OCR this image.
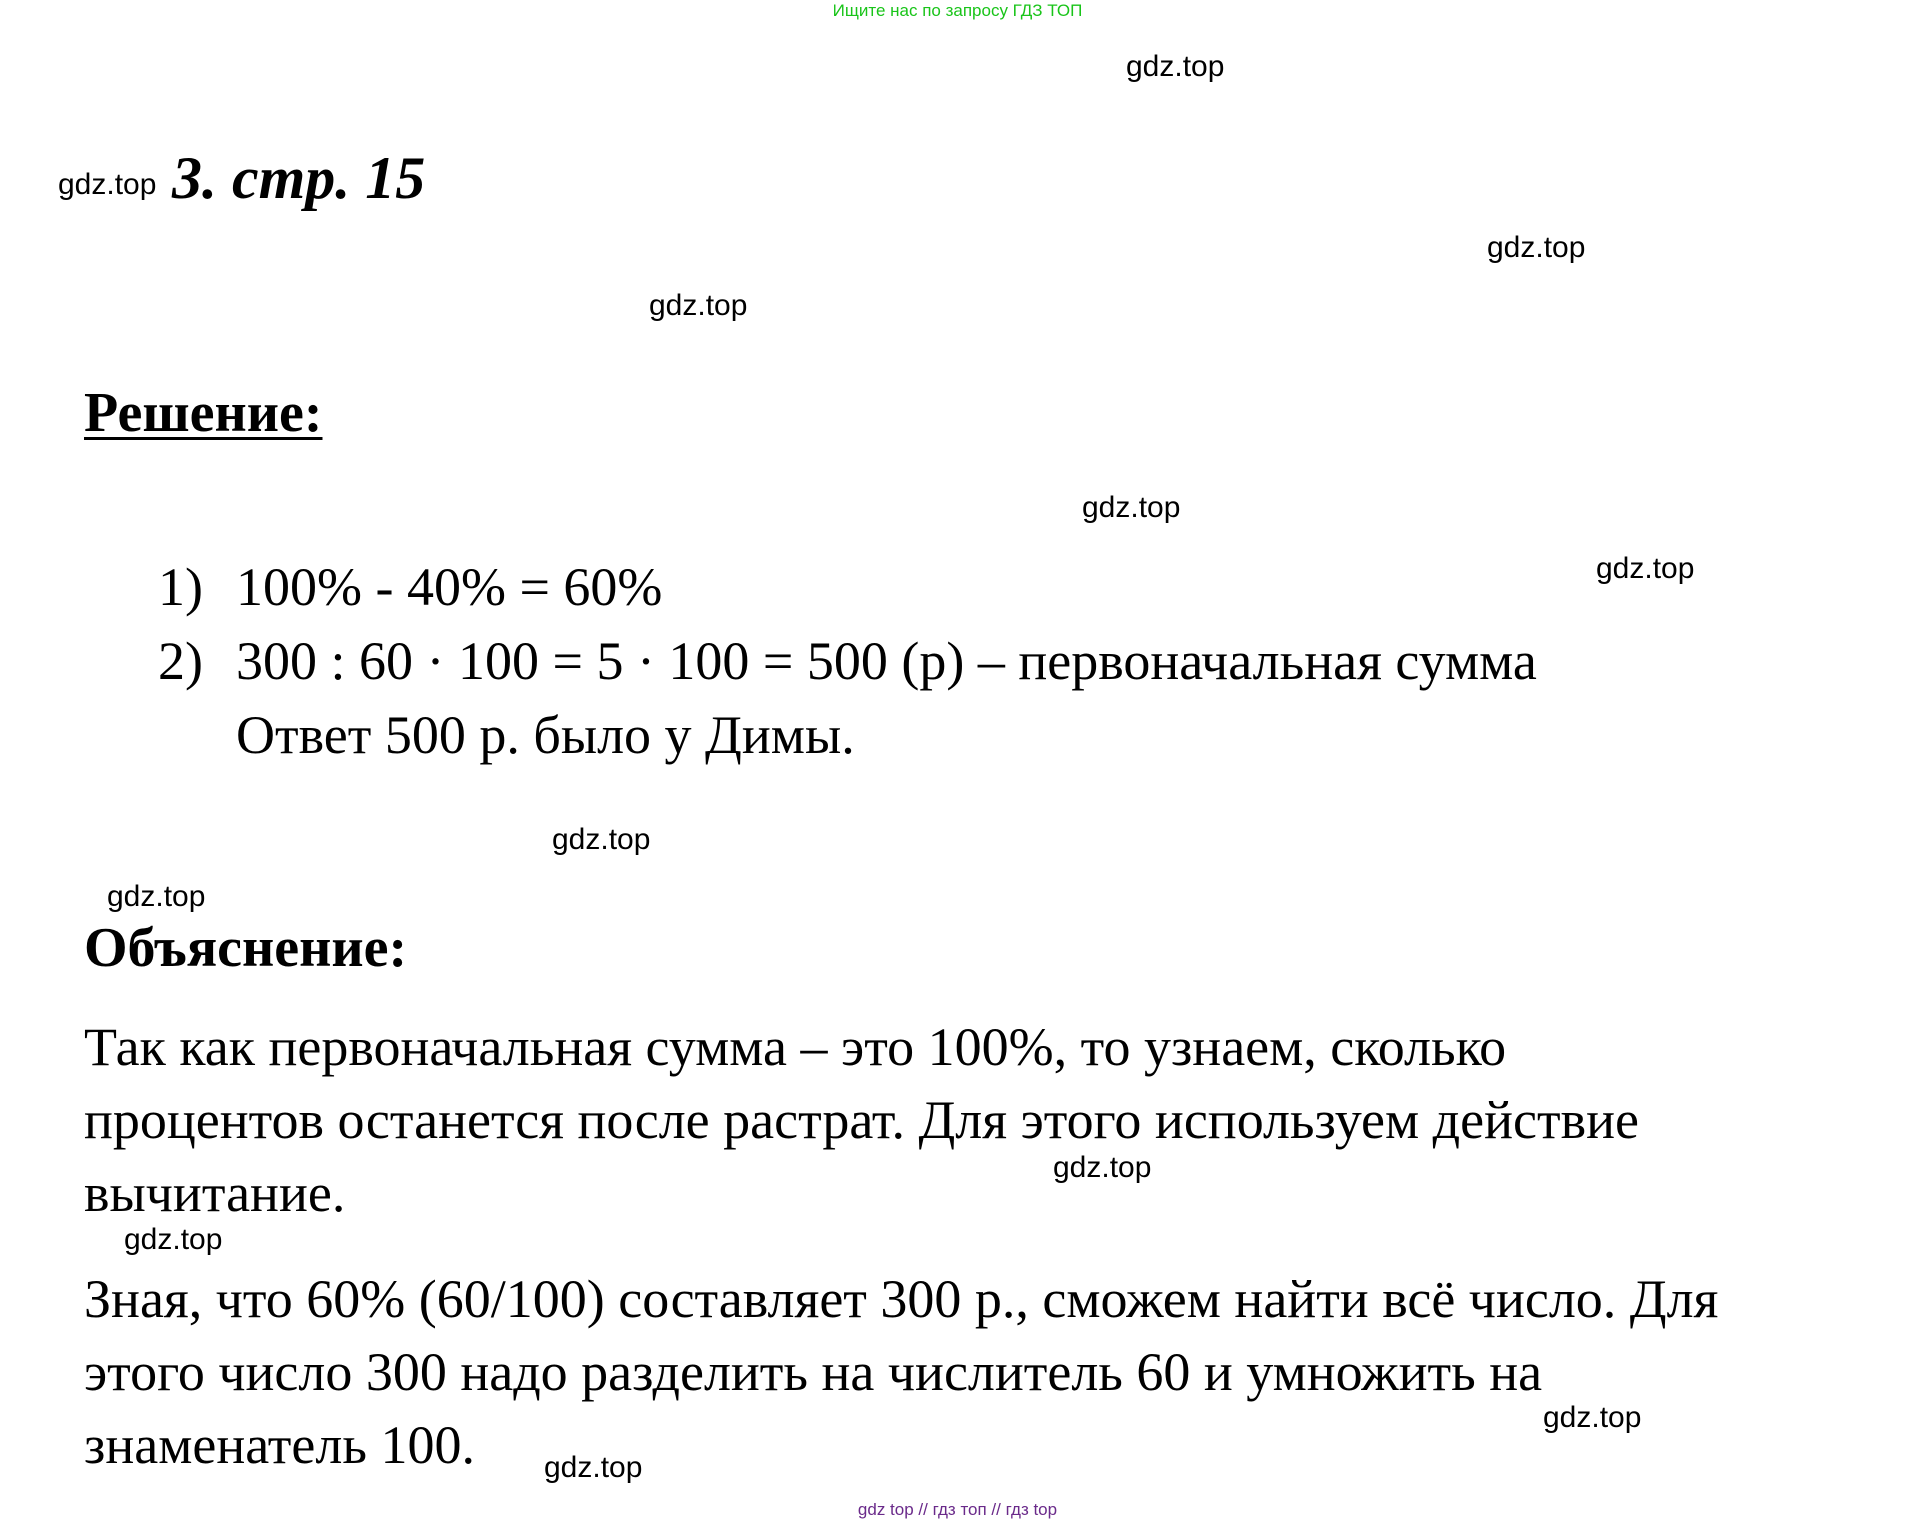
Ищите нас по запросу ГДЗ ТОП
gdz.top
gdz.top
gdz.top
gdz.top
gdz.top
gdz.top
gdz.top
gdz.top
gdz.top
gdz.top
gdz.top
gdz.top
3. стр. 15
Решение:
1) 100% - 40% = 60%
2) 300 : 60 · 100 = 5 · 100 = 500 (р) – первоначальная сумма
Ответ 500 р. было у Димы.
Объяснение:
Так как первоначальная сумма – это 100%, то узнаем, сколько
процентов останется после растрат. Для этого используем действие
вычитание.
Зная, что 60% (60/100) составляет 300 р., сможем найти всё число. Для
этого число 300 надо разделить на числитель 60 и умножить на
знаменатель 100.
gdz top // гдз топ // гдз top
